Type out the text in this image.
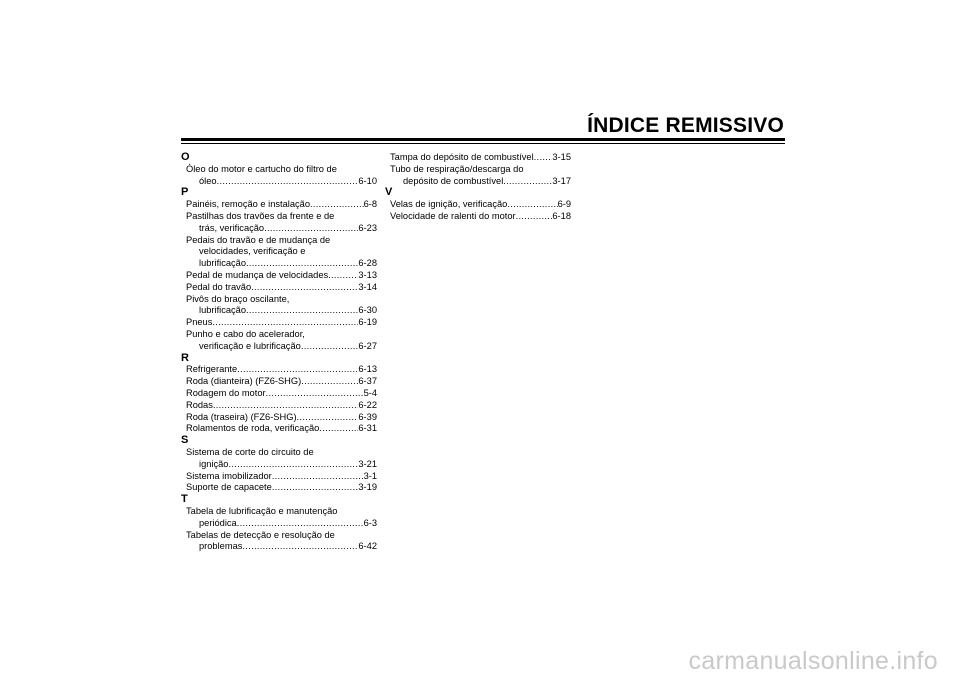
ÍNDICE REMISSIVO
O
Óleo do motor e cartucho do filtro de
óleo .....	6-10
P
Painéis, remoção e instalação .....	6-8
Pastilhas dos travões da frente e de
trás, verificação .....	6-23
Pedais do travão e de mudança de
velocidades, verificação e
lubrificação .....	6-28
Pedal de mudança de velocidades .....	3-13
Pedal do travão .....	3-14
Pivôs do braço oscilante,
lubrificação .....	6-30
Pneus .....	6-19
Punho e cabo do acelerador,
verificação e lubrificação .....	6-27
R
Refrigerante .....	6-13
Roda (dianteira) (FZ6-SHG) .....	6-37
Rodagem do motor .....	5-4
Rodas .....	6-22
Roda (traseira) (FZ6-SHG) .....	6-39
Rolamentos de roda, verificação .....	6-31
S
Sistema de corte do circuito de
ignição .....	3-21
Sistema imobilizador .....	3-1
Suporte de capacete .....	3-19
T
Tabela de lubrificação e manutenção
periódica .....	6-3
Tabelas de detecção e resolução de
problemas .....	6-42
Tampa do depósito de combustível ..... 3-15
Tubo de respiração/descarga do
depósito de combustível .....	3-17
V
Velas de ignição, verificação .....	6-9
Velocidade de ralenti do motor .....	6-18
carmanualsonline.info
